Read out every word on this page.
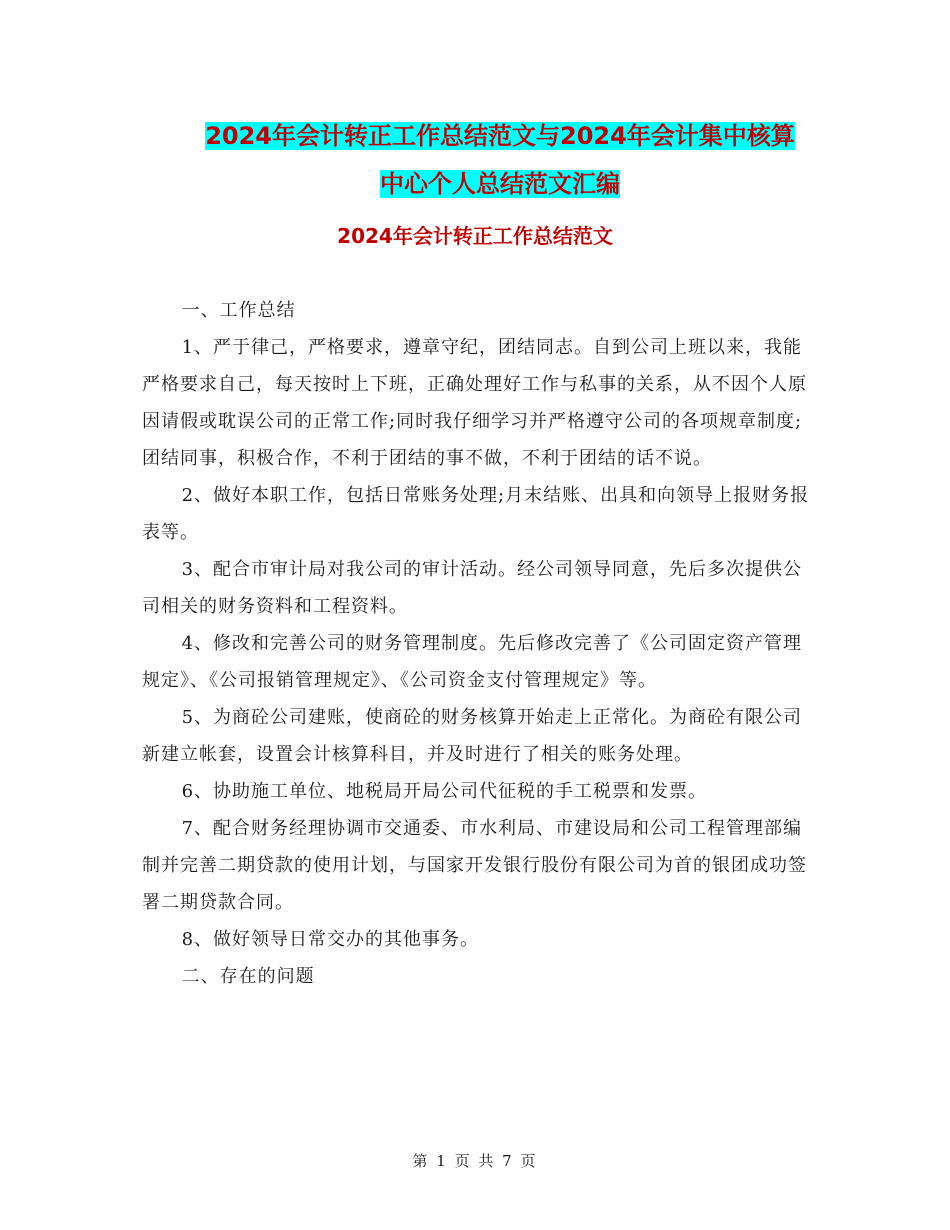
2024年会计转正工作总结范文与2024年会计集中核算
中心个人总结范文汇编
2024年会计转正工作总结范文

一、工作总结

1、严于律己，严格要求，遵章守纪，团结同志。自到公司上班以来，我能严格要求自己，每天按时上下班，正确处理好工作与私事的关系，从不因个人原因请假或耽误公司的正常工作;同时我仔细学习并严格遵守公司的各项规章制度;团结同事，积极合作，不利于团结的事不做，不利于团结的话不说。

2、做好本职工作，包括日常账务处理;月末结账、出具和向领导上报财务报表等。

3、配合市审计局对我公司的审计活动。经公司领导同意，先后多次提供公司相关的财务资料和工程资料。

4、修改和完善公司的财务管理制度。先后修改完善了《公司固定资产管理规定》、《公司报销管理规定》、《公司资金支付管理规定》等。

5、为商砼公司建账，使商砼的财务核算开始走上正常化。为商砼有限公司新建立帐套，设置会计核算科目，并及时进行了相关的账务处理。

6、协助施工单位、地税局开局公司代征税的手工税票和发票。

7、配合财务经理协调市交通委、市水利局、市建设局和公司工程管理部编制并完善二期贷款的使用计划，与国家开发银行股份有限公司为首的银团成功签署二期贷款合同。

8、做好领导日常交办的其他事务。

二、存在的问题

第 1 页 共 7 页
